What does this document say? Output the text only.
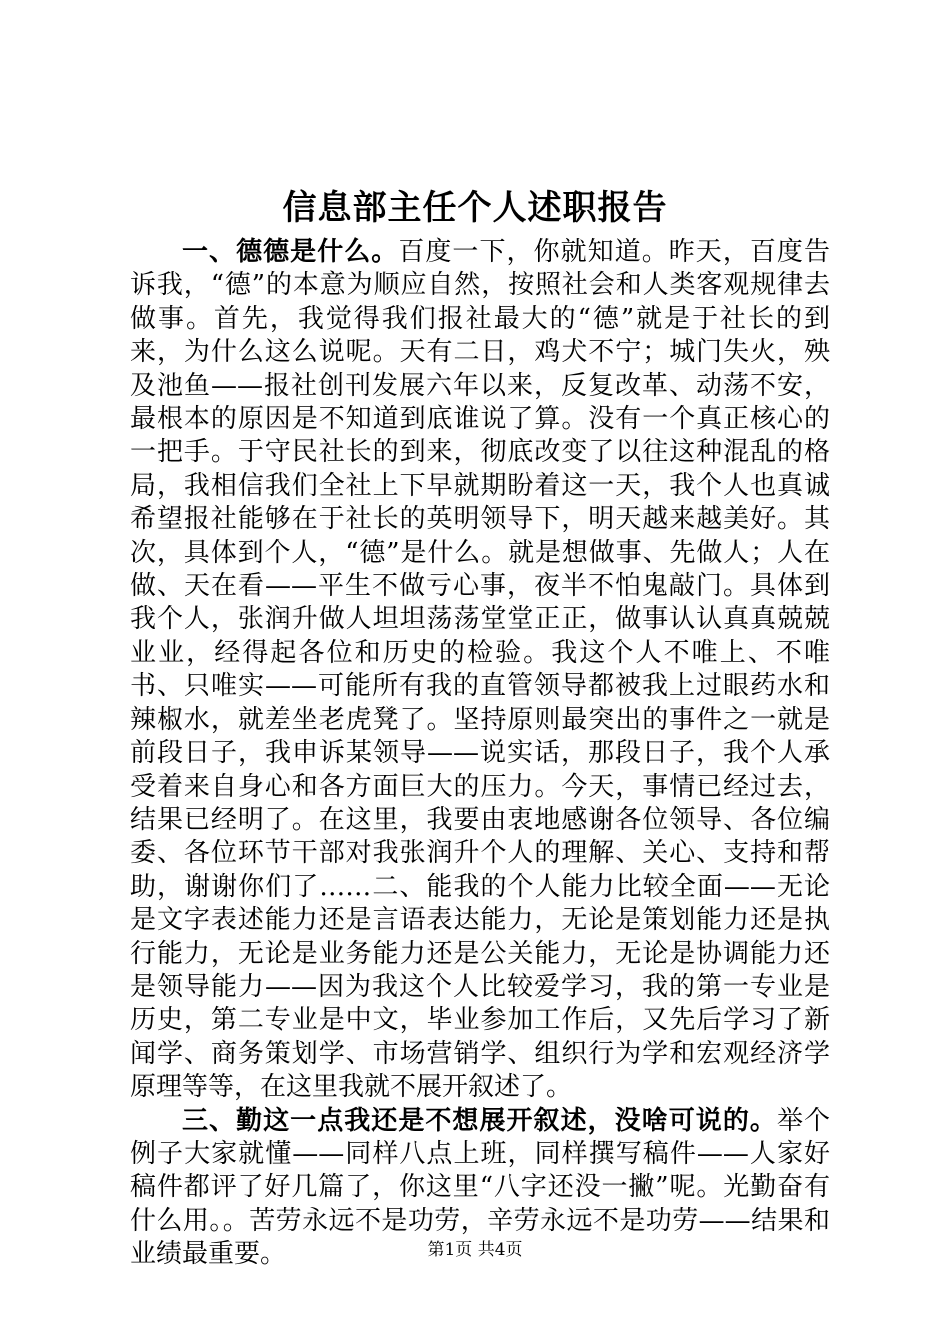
信息部主任个人述职报告

一、德德是什么。百度一下，你就知道。昨天，百度告诉我，“德”的本意为顺应自然，按照社会和人类客观规律去做事。首先，我觉得我们报社最大的“德”就是于社长的到来，为什么这么说呢。天有二日，鸡犬不宁；城门失火，殃及池鱼——报社创刊发展六年以来，反复改革、动荡不安，最根本的原因是不知道到底谁说了算。没有一个真正核心的一把手。于守民社长的到来，彻底改变了以往这种混乱的格局，我相信我们全社上下早就期盼着这一天，我个人也真诚希望报社能够在于社长的英明领导下，明天越来越美好。其次，具体到个人，“德”是什么。就是想做事、先做人；人在做、天在看——平生不做亏心事，夜半不怕鬼敲门。具体到我个人，张润升做人坦坦荡荡堂堂正正，做事认认真真兢兢业业，经得起各位和历史的检验。我这个人不唯上、不唯书、只唯实——可能所有我的直管领导都被我上过眼药水和辣椒水，就差坐老虎凳了。坚持原则最突出的事件之一就是前段日子，我申诉某领导——说实话，那段日子，我个人承受着来自身心和各方面巨大的压力。今天，事情已经过去，结果已经明了。在这里，我要由衷地感谢各位领导、各位编委、各位环节干部对我张润升个人的理解、关心、支持和帮助，谢谢你们了……二、能我的个人能力比较全面——无论是文字表述能力还是言语表达能力，无论是策划能力还是执行能力，无论是业务能力还是公关能力，无论是协调能力还是领导能力——因为我这个人比较爱学习，我的第一专业是历史，第二专业是中文，毕业参加工作后，又先后学习了新闻学、商务策划学、市场营销学、组织行为学和宏观经济学原理等等，在这里我就不展开叙述了。

三、勤这一点我还是不想展开叙述，没啥可说的。举个例子大家就懂——同样八点上班，同样撰写稿件——人家好稿件都评了好几篇了，你这里“八字还没一撇”呢。光勤奋有什么用。。苦劳永远不是功劳，辛劳永远不是功劳——结果和业绩最重要。	第1页 共4页
